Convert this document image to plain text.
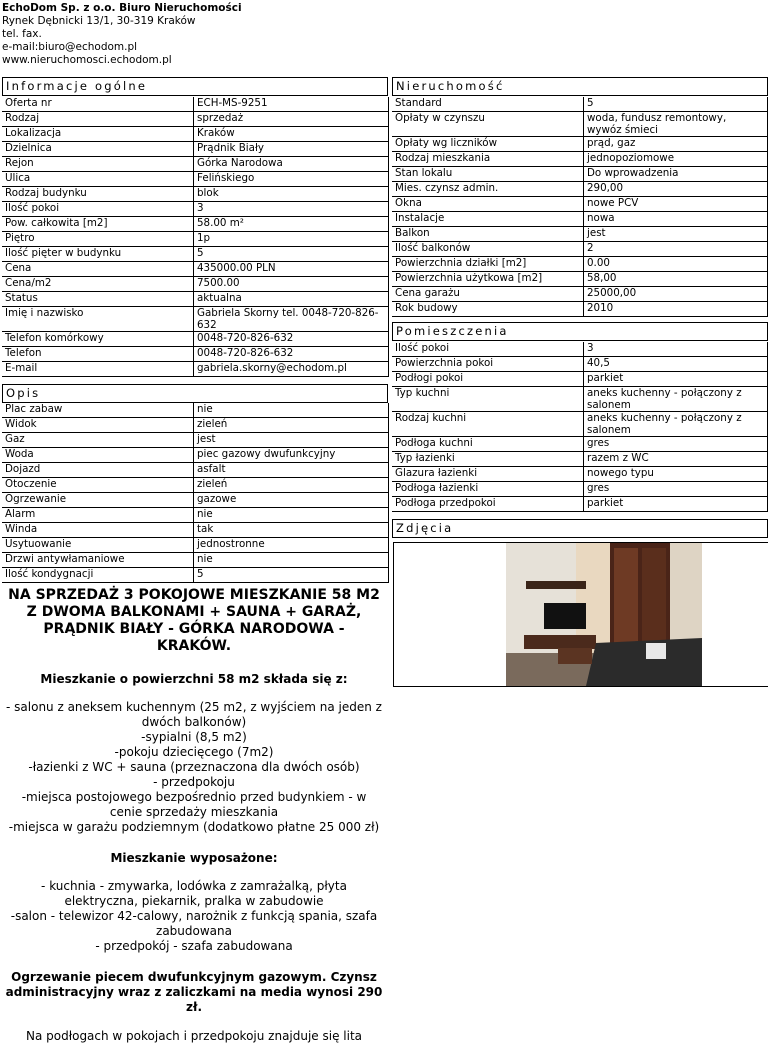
EchoDom Sp. z o.o. Biuro Nieruchomości
Rynek Dębnicki 13/1, 30-319 Kraków
tel. fax.
e-mail:biuro@echodom.pl
www.nieruchomosci.echodom.pl
Informacje ogólne
Oferta nr	ECH-MS-9251
Rodzaj	sprzedaż
Lokalizacja	Kraków
Dzielnica	Prądnik Biały
Rejon	Górka Narodowa
Ulica	Felińskiego
Rodzaj budynku	blok
Ilość pokoi	3
Pow. całkowita [m2]	58.00 m²
Piętro	1p
Ilość pięter w budynku	5
Cena	435000.00 PLN
Cena/m2	7500.00
Status	aktualna
Imię i nazwisko	Gabriela Skorny tel. 0048-720-826-632
Telefon komórkowy	0048-720-826-632
Telefon	0048-720-826-632
E-mail	gabriela.skorny@echodom.pl
Opis
Plac zabaw	nie
Widok	zieleń
Gaz	jest
Woda	piec gazowy dwufunkcyjny
Dojazd	asfalt
Otoczenie	zieleń
Ogrzewanie	gazowe
Alarm	nie
Winda	tak
Usytuowanie	jednostronne
Drzwi antywłamaniowe	nie
Ilość kondygnacji	5
Nieruchomość
Standard	5
Opłaty w czynszu	woda, fundusz remontowy, wywóz śmieci
Opłaty wg liczników	prąd, gaz
Rodzaj mieszkania	jednopoziomowe
Stan lokalu	Do wprowadzenia
Mies. czynsz admin.	290,00
Okna	nowe PCV
Instalacje	nowa
Balkon	jest
Ilość balkonów	2
Powierzchnia działki [m2]	0.00
Powierzchnia użytkowa [m2]	58,00
Cena garażu	25000,00
Rok budowy	2010
Pomieszczenia
Ilość pokoi	3
Powierzchnia pokoi	40,5
Podłogi pokoi	parkiet
Typ kuchni	aneks kuchenny - połączony z salonem
Rodzaj kuchni	aneks kuchenny - połączony z salonem
Podłoga kuchni	gres
Typ łazienki	razem z WC
Glazura łazienki	nowego typu
Podłoga łazienki	gres
Podłoga przedpokoi	parkiet
Zdjęcia
NA SPRZEDAŻ 3 POKOJOWE MIESZKANIE 58 M2 Z DWOMA BALKONAMI + SAUNA + GARAŻ, PRĄDNIK BIAŁY - GÓRKA NARODOWA - KRAKÓW.

Mieszkanie o powierzchni 58 m2 składa się z:

- salonu z aneksem kuchennym (25 m2, z wyjściem na jeden z dwóch balkonów)
-sypialni (8,5 m2)
-pokoju dziecięcego (7m2)
-łazienki z WC + sauna (przeznaczona dla dwóch osób)
- przedpokoju
-miejsca postojowego bezpośrednio przed budynkiem - w cenie sprzedaży mieszkania
-miejsca w garażu podziemnym (dodatkowo płatne 25 000 zł)

Mieszkanie wyposażone:

- kuchnia - zmywarka, lodówka z zamrażalką, płyta elektryczna, piekarnik, pralka w zabudowie
-salon - telewizor 42-calowy, narożnik z funkcją spania, szafa zabudowana
- przedpokój - szafa zabudowana

Ogrzewanie piecem dwufunkcyjnym gazowym. Czynsz administracyjny wraz z zaliczkami na media wynosi 290 zł.

Na podłogach w pokojach i przedpokoju znajduje się lita
